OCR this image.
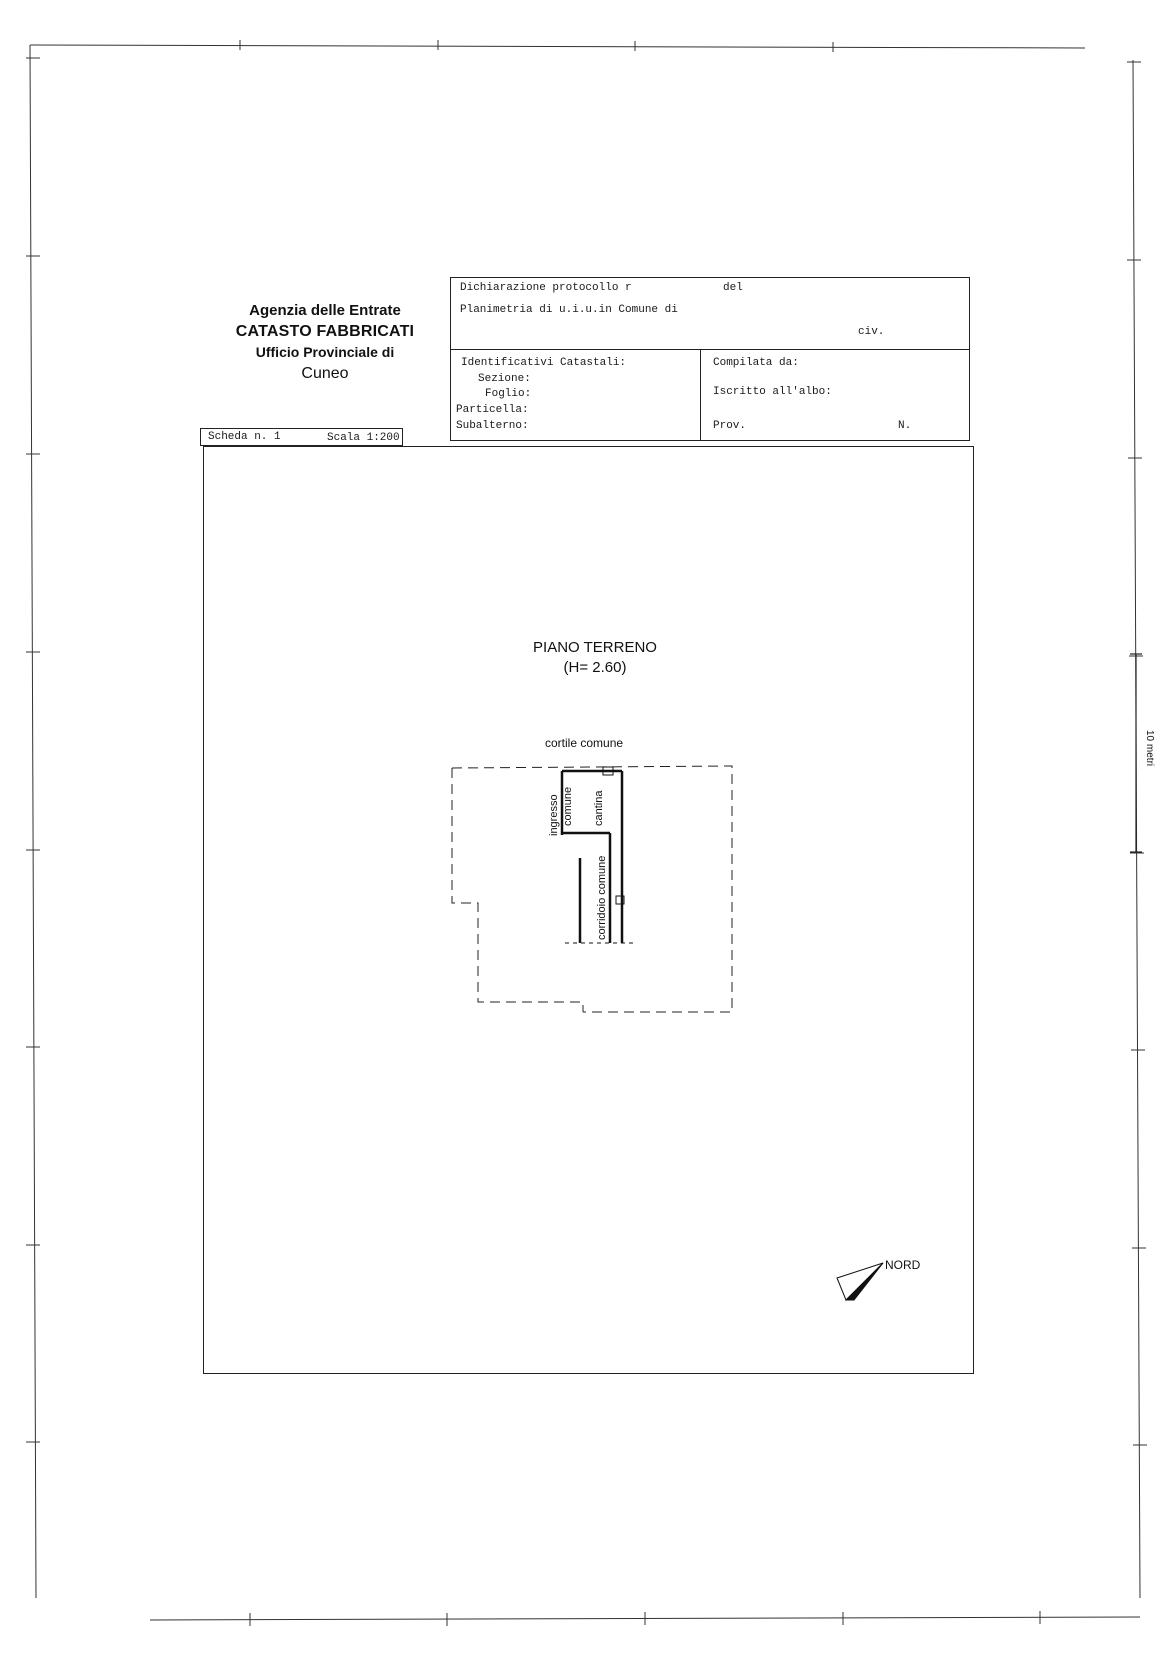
Agenzia delle Entrate
CATASTO FABBRICATI
Ufficio Provinciale di
Cuneo
Dichiarazione protocollo r	del
Planimetria di u.i.u.in Comune di
civ.
Identificativi Catastali:
Sezione:
Foglio:
Particella:
Subalterno:
Compilata da:
Iscritto all'albo:
Prov.	N.
Scheda n. 1	Scala 1:200
PIANO TERRENO
(H= 2.60)
cortile comune
ingresso comune cantina
corridoio comune
NORD
10 metri
